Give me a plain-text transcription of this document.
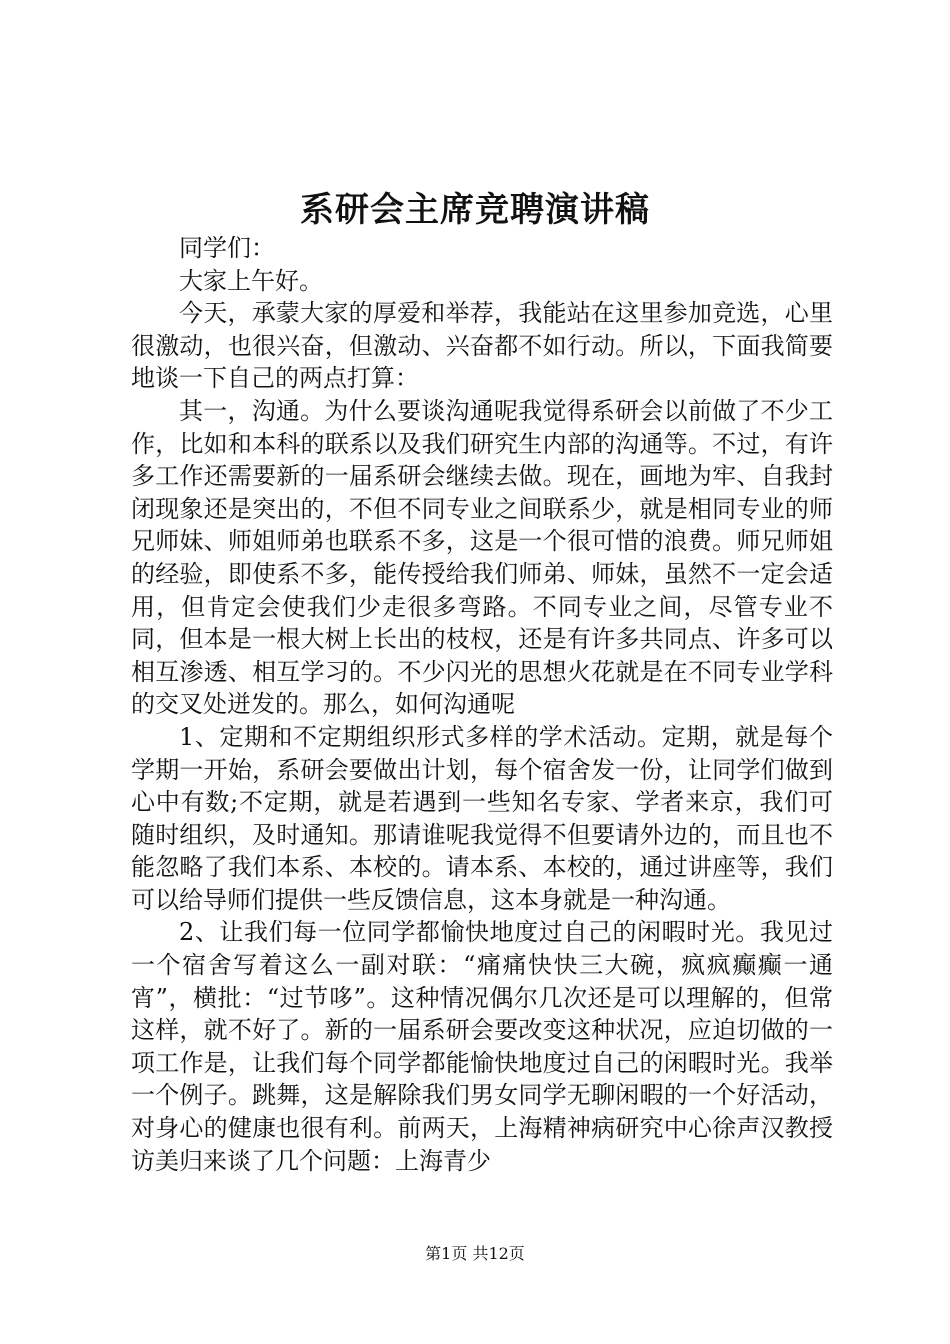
系研会主席竞聘演讲稿

同学们：

大家上午好。

今天，承蒙大家的厚爱和举荐，我能站在这里参加竞选，心里很激动，也很兴奋，但激动、兴奋都不如行动。所以，下面我简要地谈一下自己的两点打算：

其一，沟通。为什么要谈沟通呢我觉得系研会以前做了不少工作，比如和本科的联系以及我们研究生内部的沟通等。不过，有许多工作还需要新的一届系研会继续去做。现在，画地为牢、自我封闭现象还是突出的，不但不同专业之间联系少，就是相同专业的师兄师妹、师姐师弟也联系不多，这是一个很可惜的浪费。师兄师姐的经验，即使系不多，能传授给我们师弟、师妹，虽然不一定会适用，但肯定会使我们少走很多弯路。不同专业之间，尽管专业不同，但本是一根大树上长出的枝杈，还是有许多共同点、许多可以相互渗透、相互学习的。不少闪光的思想火花就是在不同专业学科的交叉处迸发的。那么，如何沟通呢

1、定期和不定期组织形式多样的学术活动。定期，就是每个学期一开始，系研会要做出计划，每个宿舍发一份，让同学们做到心中有数;不定期，就是若遇到一些知名专家、学者来京，我们可随时组织，及时通知。那请谁呢我觉得不但要请外边的，而且也不能忽略了我们本系、本校的。请本系、本校的，通过讲座等，我们可以给导师们提供一些反馈信息，这本身就是一种沟通。

2、让我们每一位同学都愉快地度过自己的闲暇时光。我见过一个宿舍写着这么一副对联：“痛痛快快三大碗，疯疯癫癫一通宵”，横批：“过节哆”。这种情况偶尔几次还是可以理解的，但常这样，就不好了。新的一届系研会要改变这种状况，应迫切做的一项工作是，让我们每个同学都能愉快地度过自己的闲暇时光。我举一个例子。跳舞，这是解除我们男女同学无聊闲暇的一个好活动，对身心的健康也很有利。前两天，上海精神病研究中心徐声汉教授访美归来谈了几个问题：上海青少

第1页 共12页
